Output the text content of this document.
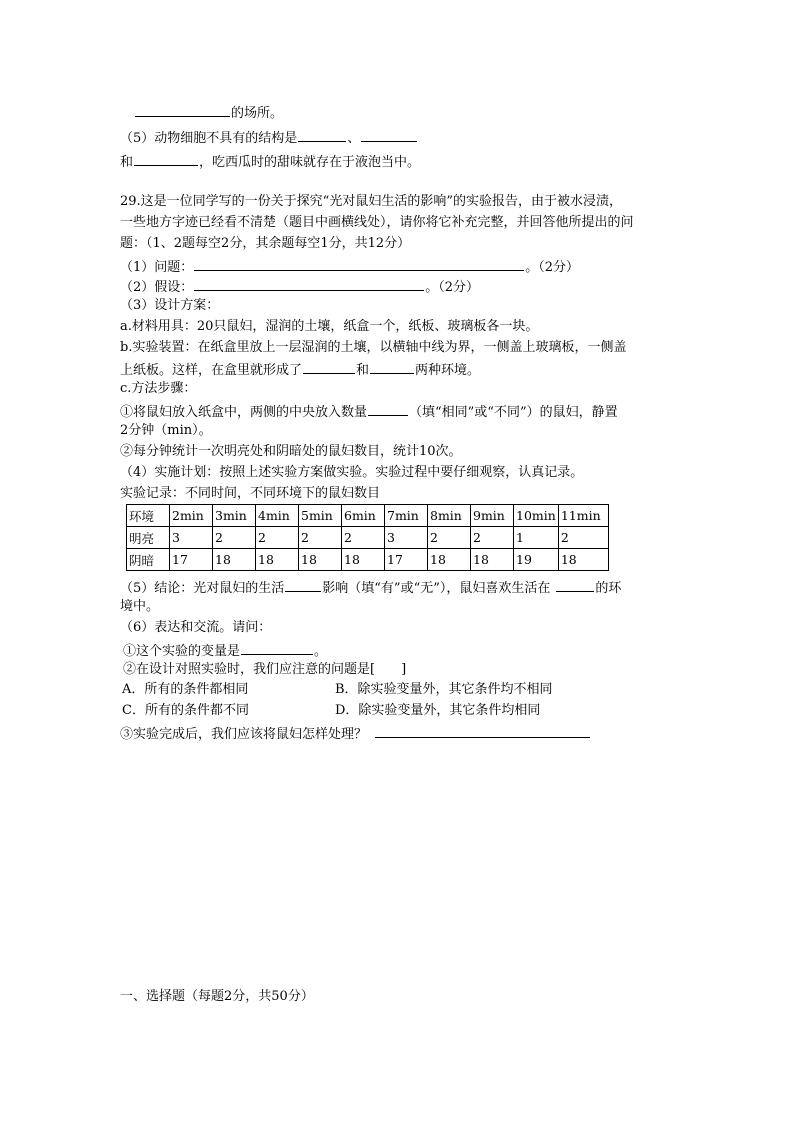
的场所。
（5）动物细胞不具有的结构是	、
和	，吃西瓜时的甜味就存在于液泡当中。
29.这是一位同学写的一份关于探究“光对鼠妇生活的影响”的实验报告，由于被水浸渍，
一些地方字迹已经看不清楚（题目中画横线处），请你将它补充完整，并回答他所提出的问
题：（1、2题每空2分，其余题每空1分，共12分）
（1）问题：	。（2分）
（2）假设：	。（2分）
（3）设计方案：
a.材料用具：20只鼠妇，湿润的土壤，纸盒一个，纸板、玻璃板各一块。
b.实验装置：在纸盒里放上一层湿润的土壤，以横轴中线为界，一侧盖上玻璃板，一侧盖
上纸板。这样，在盒里就形成了	和	两种环境。
c.方法步骤：
①将鼠妇放入纸盒中，两侧的中央放入数量	（填“相同”或“不同”）的鼠妇，静置
2分钟（min）。
②每分钟统计一次明亮处和阴暗处的鼠妇数目，统计10次。
（4）实施计划：按照上述实验方案做实验。实验过程中要仔细观察，认真记录。
实验记录：不同时间，不同环境下的鼠妇数目
环境	2min	3min	4min	5min	6min	7min	8min	9min	10min	11min
明亮	3	2	2	2	2	3	2	2	1	2
阴暗	17	18	18	18	18	17	18	18	19	18
（5）结论：光对鼠妇的生活	影响（填“有”或“无”），鼠妇喜欢生活在	的环
境中。
（6）表达和交流。请问：
①这个实验的变量是	。
②在设计对照实验时，我们应注意的问题是[　　]
A．所有的条件都相同	B．除实验变量外，其它条件均不相同
C．所有的条件都不同	D．除实验变量外，其它条件均相同
③实验完成后，我们应该将鼠妇怎样处理？
一、选择题（每题2分，共50分）
